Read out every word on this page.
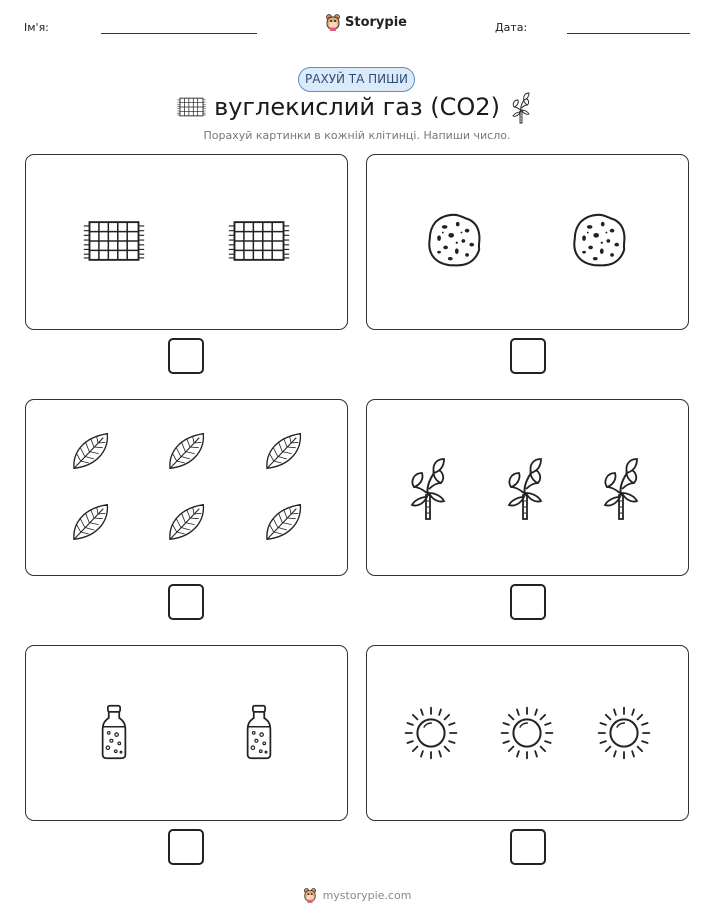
Ім'я:	Storypie	Дата:
РАХУЙ ТА ПИШИ
вуглекислий газ (CO2)
Порахуй картинки в кожній клітинці. Напиши число.
mystorypie.com
